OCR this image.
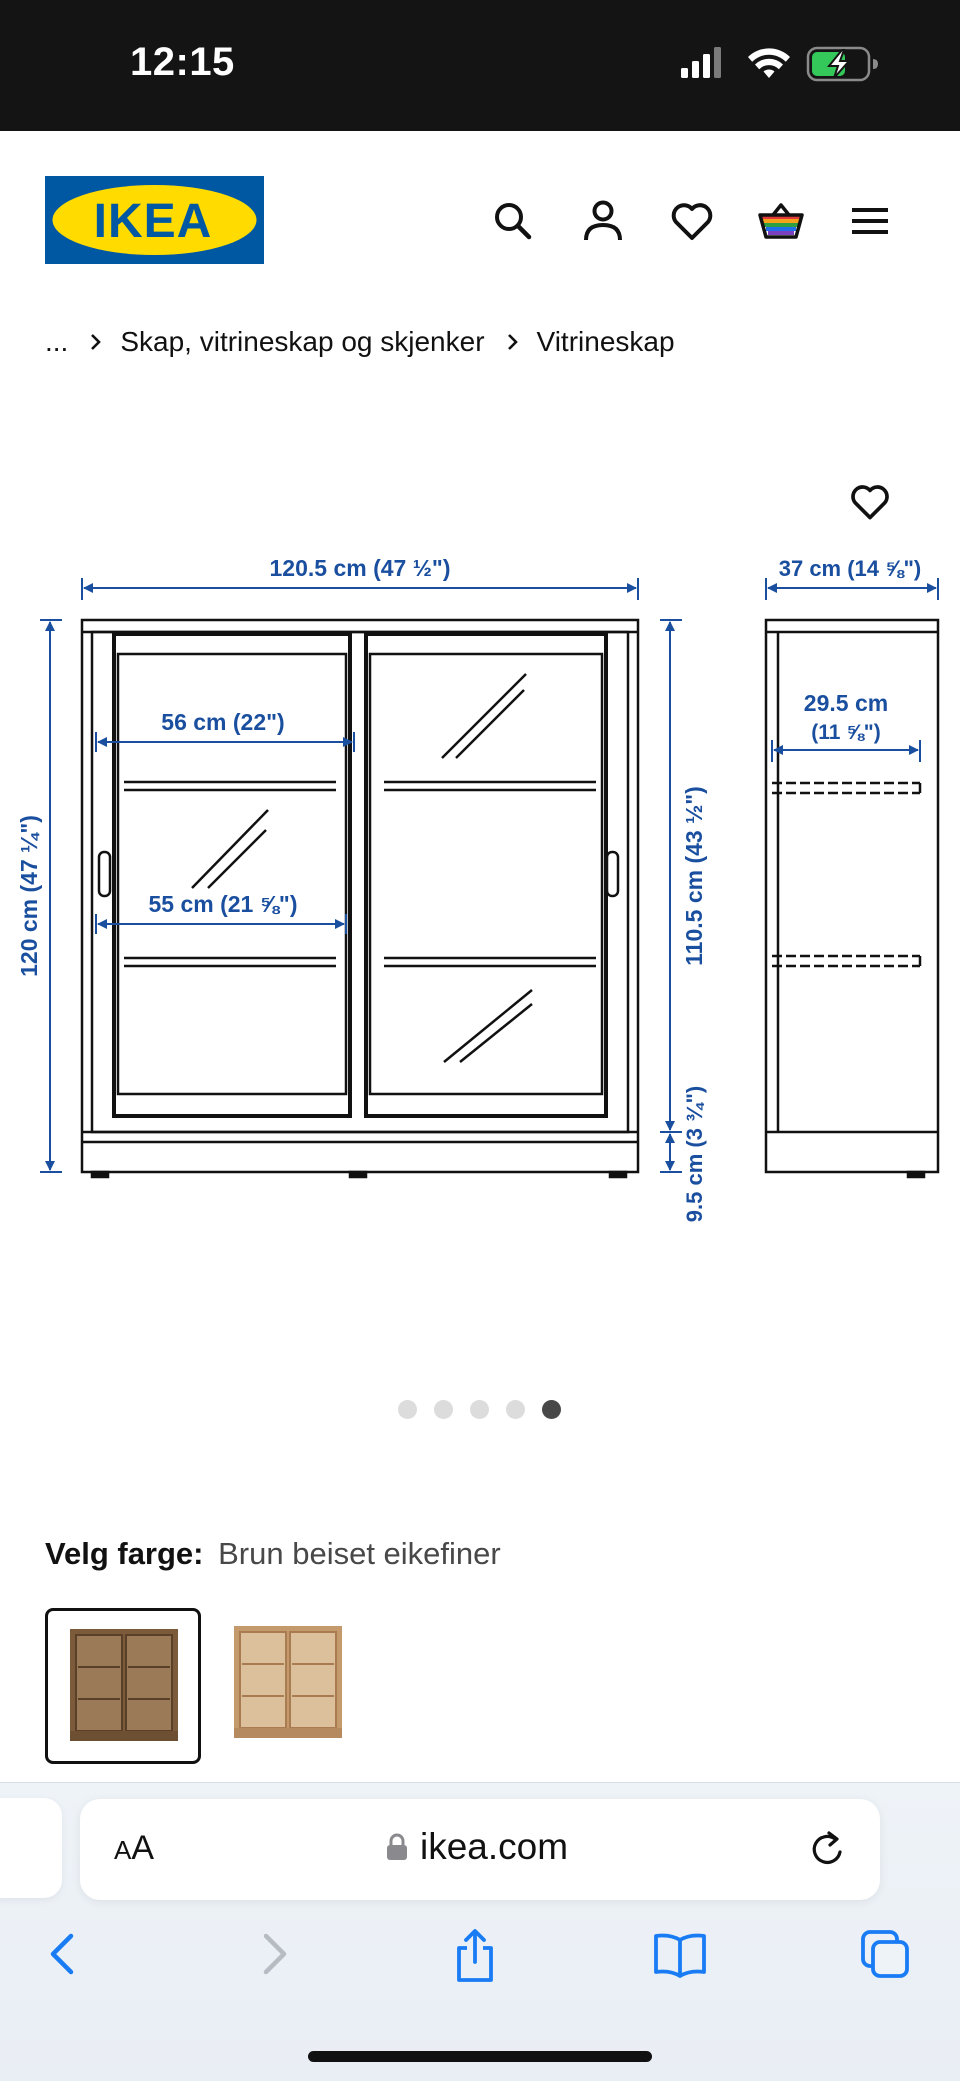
12:15
IKEA
... Skap, vitrineskap og skjenker Vitrineskap
120.5 cm (47 ½")	37 cm (14 ⅝")
29.5 cm
(11 ⅝")
56 cm (22")
55 cm (21 ⅝")
120 cm (47 ¼")	110.5 cm (43 ½")
9.5 cm (3 ¾")
Velg farge: Brun beiset eikefiner
AA	ikea.com
